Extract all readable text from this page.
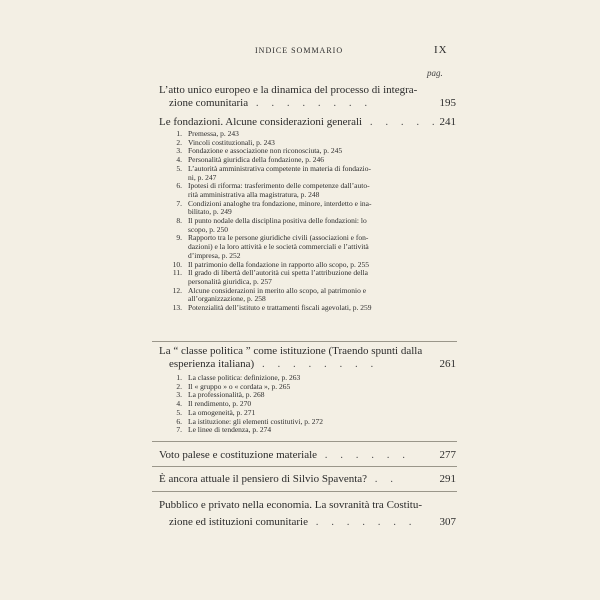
INDICE SOMMARIO	IX
pag.
L’atto unico europeo e la dinamica del processo di integra-
zione comunitaria . . . . . . . .	195
Le fondazioni. Alcune considerazioni generali . . . . . 241
1. Premessa, p. 243
2. Vincoli costituzionali, p. 243
3. Fondazione e associazione non riconosciuta, p. 245
4. Personalità giuridica della fondazione, p. 246
5. L’autorità amministrativa competente in materia di fondazio-
ni, p. 247
6. Ipotesi di riforma: trasferimento delle competenze dall’auto-
rità amministrativa alla magistratura, p. 248
7. Condizioni analoghe tra fondazione, minore, interdetto e ina-
bilitato, p. 249
8. Il punto nodale della disciplina positiva delle fondazioni: lo
scopo, p. 250
9. Rapporto tra le persone giuridiche civili (associazioni e fon-
dazioni) e la loro attività e le società commerciali e l’attività
d’impresa, p. 252
10. Il patrimonio della fondazione in rapporto allo scopo, p. 255
11. Il grado di libertà dell’autorità cui spetta l’attribuzione della
personalità giuridica, p. 257
12. Alcune considerazioni in merito allo scopo, al patrimonio e
all’organizzazione, p. 258
13. Potenzialità dell’istituto e trattamenti fiscali agevolati, p. 259
La “ classe politica ” come istituzione (Traendo spunti dalla
esperienza italiana) . . . . . . . .	261
1. La classe politica: definizione, p. 263
2. Il « gruppo » o « cordata », p. 265
3. La professionalità, p. 268
4. Il rendimento, p. 270
5. La omogeneità, p. 271
6. La istituzione: gli elementi costitutivi, p. 272
7. Le linee di tendenza, p. 274
Voto palese e costituzione materiale . . . . . .	277
È ancora attuale il pensiero di Silvio Spaventa? . .	291
Pubblico e privato nella economia. La sovranità tra Costitu-
zione ed istituzioni comunitarie . . . . . . . 307
